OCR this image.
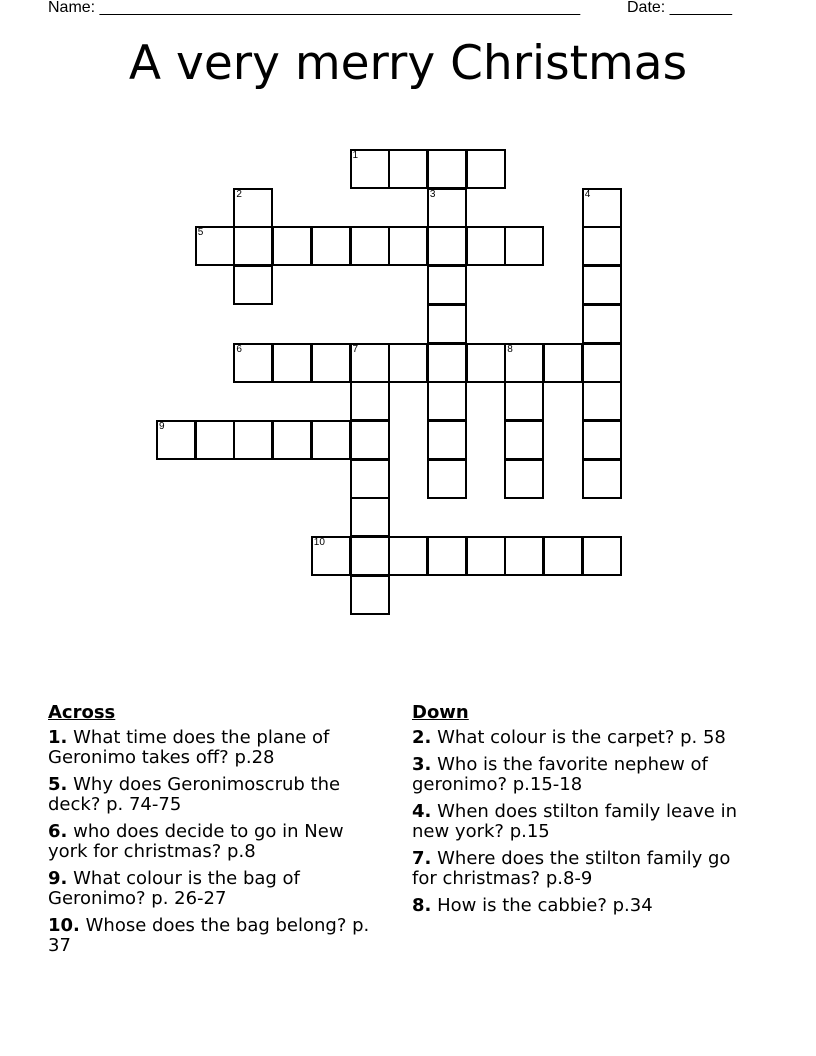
Name: ______________________________________________________	Date: _______
A very merry Christmas
1
2	3	4
5
6	7	8
9
10
Across
1. What time does the plane of Geronimo takes off? p.28
5. Why does Geronimoscrub the deck? p. 74-75
6. who does decide to go in New york for christmas? p.8
9. What colour is the bag of Geronimo? p. 26-27
10. Whose does the bag belong? p. 37
Down
2. What colour is the carpet? p. 58
3. Who is the favorite nephew of geronimo? p.15-18
4. When does stilton family leave in new york? p.15
7. Where does the stilton family go for christmas? p.8-9
8. How is the cabbie? p.34
